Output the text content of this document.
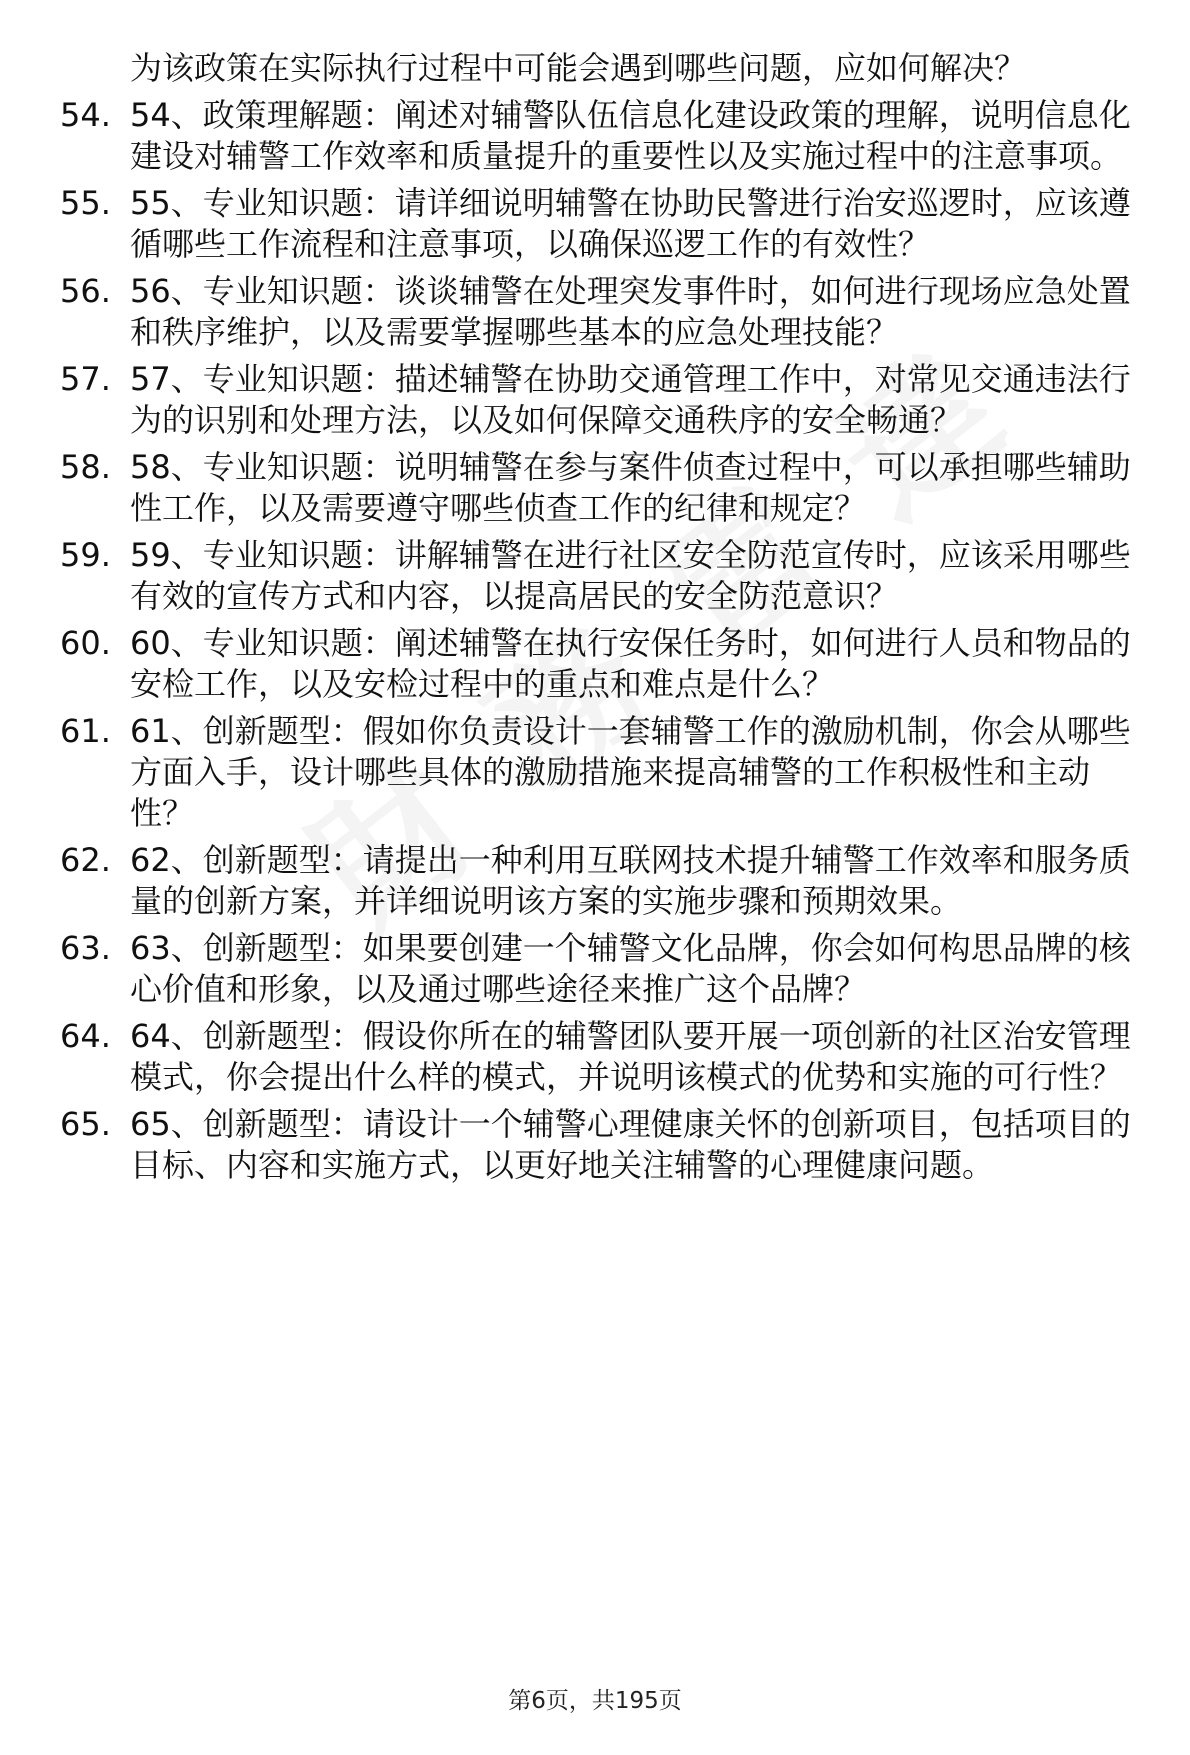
为该政策在实际执行过程中可能会遇到哪些问题，应如何解决？

54. 54、政策理解题：阐述对辅警队伍信息化建设政策的理解，说明信息化建设对辅警工作效率和质量提升的重要性以及实施过程中的注意事项。
55. 55、专业知识题：请详细说明辅警在协助民警进行治安巡逻时，应该遵循哪些工作流程和注意事项，以确保巡逻工作的有效性？
56. 56、专业知识题：谈谈辅警在处理突发事件时，如何进行现场应急处置和秩序维护，以及需要掌握哪些基本的应急处理技能？
57. 57、专业知识题：描述辅警在协助交通管理工作中，对常见交通违法行为的识别和处理方法，以及如何保障交通秩序的安全畅通？
58. 58、专业知识题：说明辅警在参与案件侦查过程中，可以承担哪些辅助性工作，以及需要遵守哪些侦查工作的纪律和规定？
59. 59、专业知识题：讲解辅警在进行社区安全防范宣传时，应该采用哪些有效的宣传方式和内容，以提高居民的安全防范意识？
60. 60、专业知识题：阐述辅警在执行安保任务时，如何进行人员和物品的安检工作，以及安检过程中的重点和难点是什么？
61. 61、创新题型：假如你负责设计一套辅警工作的激励机制，你会从哪些方面入手，设计哪些具体的激励措施来提高辅警的工作积极性和主动性？
62. 62、创新题型：请提出一种利用互联网技术提升辅警工作效率和服务质量的创新方案，并详细说明该方案的实施步骤和预期效果。
63. 63、创新题型：如果要创建一个辅警文化品牌，你会如何构思品牌的核心价值和形象，以及通过哪些途径来推广这个品牌？
64. 64、创新题型：假设你所在的辅警团队要开展一项创新的社区治安管理模式，你会提出什么样的模式，并说明该模式的优势和实施的可行性？
65. 65、创新题型：请设计一个辅警心理健康关怀的创新项目，包括项目的目标、内容和实施方式，以更好地关注辅警的心理健康问题。
第6页，共195页
